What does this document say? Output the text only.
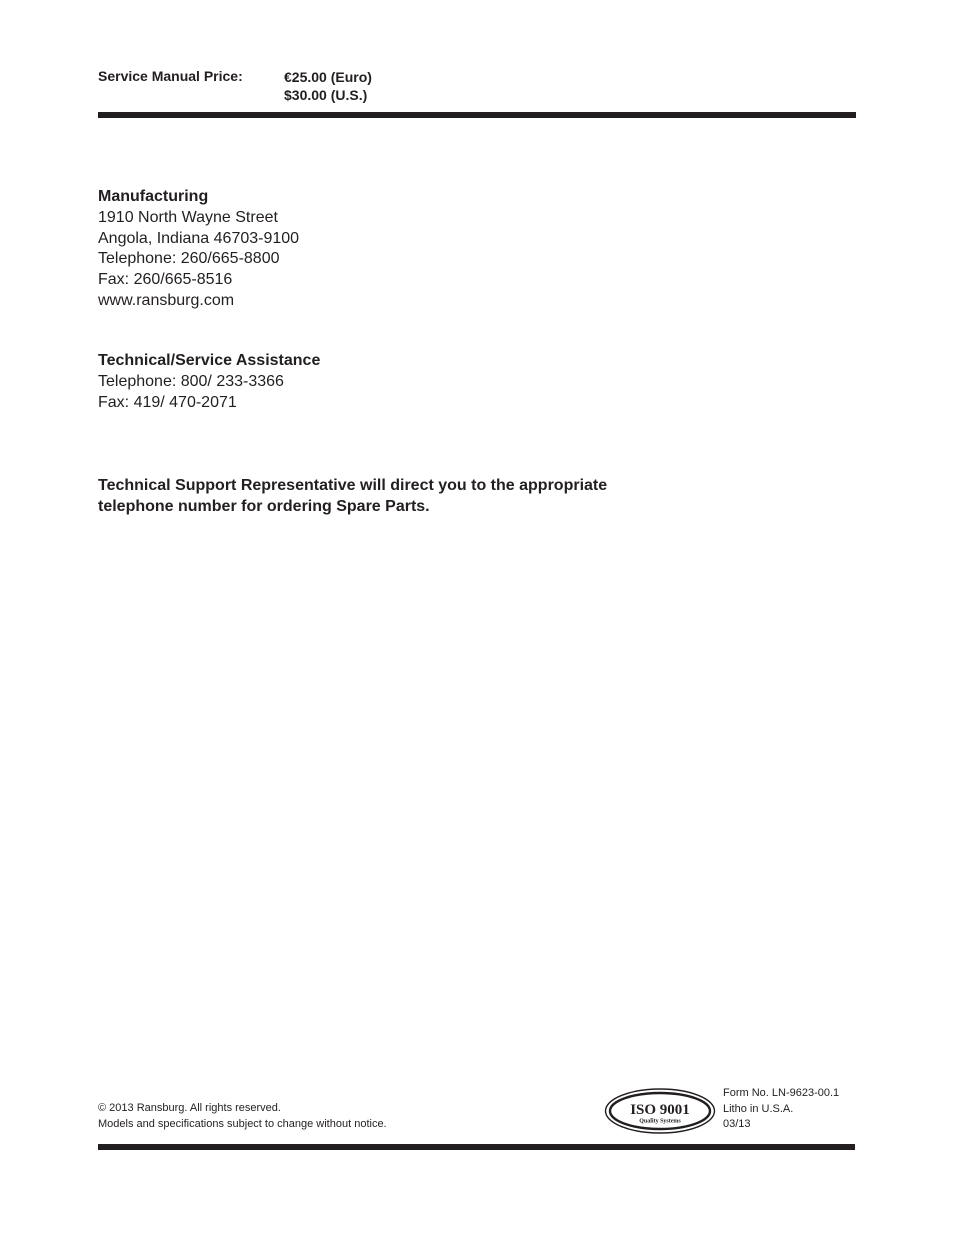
Service Manual Price:	€25.00 (Euro)
$30.00 (U.S.)
Manufacturing
1910 North Wayne Street
Angola, Indiana 46703-9100
Telephone: 260/665-8800
Fax: 260/665-8516
www.ransburg.com
Technical/Service Assistance
Telephone: 800/ 233-3366
Fax: 419/ 470-2071
Technical Support Representative will direct you to the appropriate
telephone number for ordering Spare Parts.
© 2013 Ransburg. All rights reserved.
Models and specifications subject to change without notice.
ISO 9001
Quality Systems
Form No. LN-9623-00.1
Litho in U.S.A.
03/13
